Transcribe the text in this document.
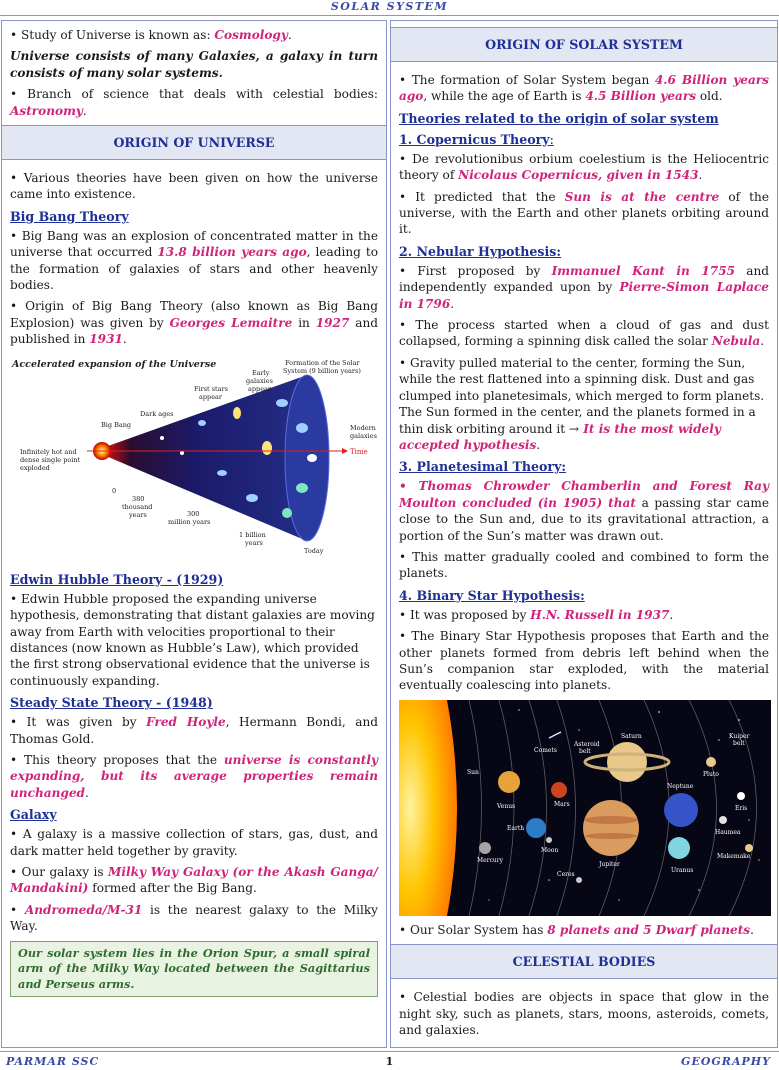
SOLAR SYSTEM

• Study of Universe is known as: Cosmology.

Universe consists of many Galaxies, a galaxy in turn consists of many solar systems.

• Branch of science that deals with celestial bodies: Astronomy.

ORIGIN OF UNIVERSE

• Various theories have been given on how the universe came into existence.

Big Bang Theory

• Big Bang was an explosion of concentrated matter in the universe that occurred 13.8 billion years ago, leading to the formation of galaxies of stars and other heavenly bodies.

• Origin of Big Bang Theory (also known as Big Bang Explosion) was given by Georges Lemaitre in 1927 and published in 1931.

Accelerated expansion of the Universe
Time
Formation of the Solar
System (9 billion years)
Early
galaxies
appear
First stars
appear
Dark ages
Big Bang	Modern
galaxies
Infinitely hot and
dense single point
exploded
0
380
thousand
years	300
million years
1 billion
years
Today
Edwin Hubble Theory - (1929)

• Edwin Hubble proposed the expanding universe hypothesis, demonstrating that distant galaxies are moving away from Earth with velocities proportional to their distances (now known as Hubble’s Law), which provided the first strong observational evidence that the universe is continuously expanding.

Steady State Theory - (1948)

• It was given by Fred Hoyle, Hermann Bondi, and Thomas Gold.

• This theory proposes that the universe is constantly expanding, but its average properties remain unchanged.

Galaxy

• A galaxy is a massive collection of stars, gas, dust, and dark matter held together by gravity.

• Our galaxy is Milky Way Galaxy (or the Akash Ganga/ Mandakini) formed after the Big Bang.

• Andromeda/M-31 is the nearest galaxy to the Milky Way.

Our solar system lies in the Orion Spur, a small spiral arm of the Milky Way located between the Sagittarius and Perseus arms.
ORIGIN OF SOLAR SYSTEM

• The formation of Solar System began 4.6 Billion years ago, while the age of Earth is 4.5 Billion years old.

Theories related to the origin of solar system
1. Copernicus Theory:

• De revolutionibus orbium coelestium is the Heliocentric theory of Nicolaus Copernicus, given in 1543.

• It predicted that the Sun is at the centre of the universe, with the Earth and other planets orbiting around it.

2. Nebular Hypothesis:

• First proposed by Immanuel Kant in 1755 and independently expanded upon by Pierre-Simon Laplace in 1796.

• The process started when a cloud of gas and dust collapsed, forming a spinning disk called the solar Nebula.

• Gravity pulled material to the center, forming the Sun, while the rest flattened into a spinning disk. Dust and gas clumped into planetesimals, which merged to form planets. The Sun formed in the center, and the planets formed in a thin disk orbiting around it → It is the most widely accepted hypothesis.

3. Planetesimal Theory:

• Thomas Chrowder Chamberlin and Forest Ray Moulton concluded (in 1905) that a passing star came close to the Sun and, due to its gravitational attraction, a portion of the Sun’s matter was drawn out.

• This matter gradually cooled and combined to form the planets.

4. Binary Star Hypothesis:

• It was proposed by H.N. Russell in 1937.

• The Binary Star Hypothesis proposes that Earth and the other planets formed from debris left behind when the Sun’s companion star exploded, with the material eventually coalescing into planets.

Sun
Mercury
Venus
Earth
Moon
Mars
Comets
Asteroid
belt
Ceres
Jupiter
Saturn
Uranus
Neptune
Pluto
Kuiper
belt
Eris
Haumea
Makemake

• Our Solar System has 8 planets and 5 Dwarf planets.

CELESTIAL BODIES

• Celestial bodies are objects in space that glow in the night sky, such as planets, stars, moons, asteroids, comets, and galaxies.

PARMAR SSC	1	GEOGRAPHY
